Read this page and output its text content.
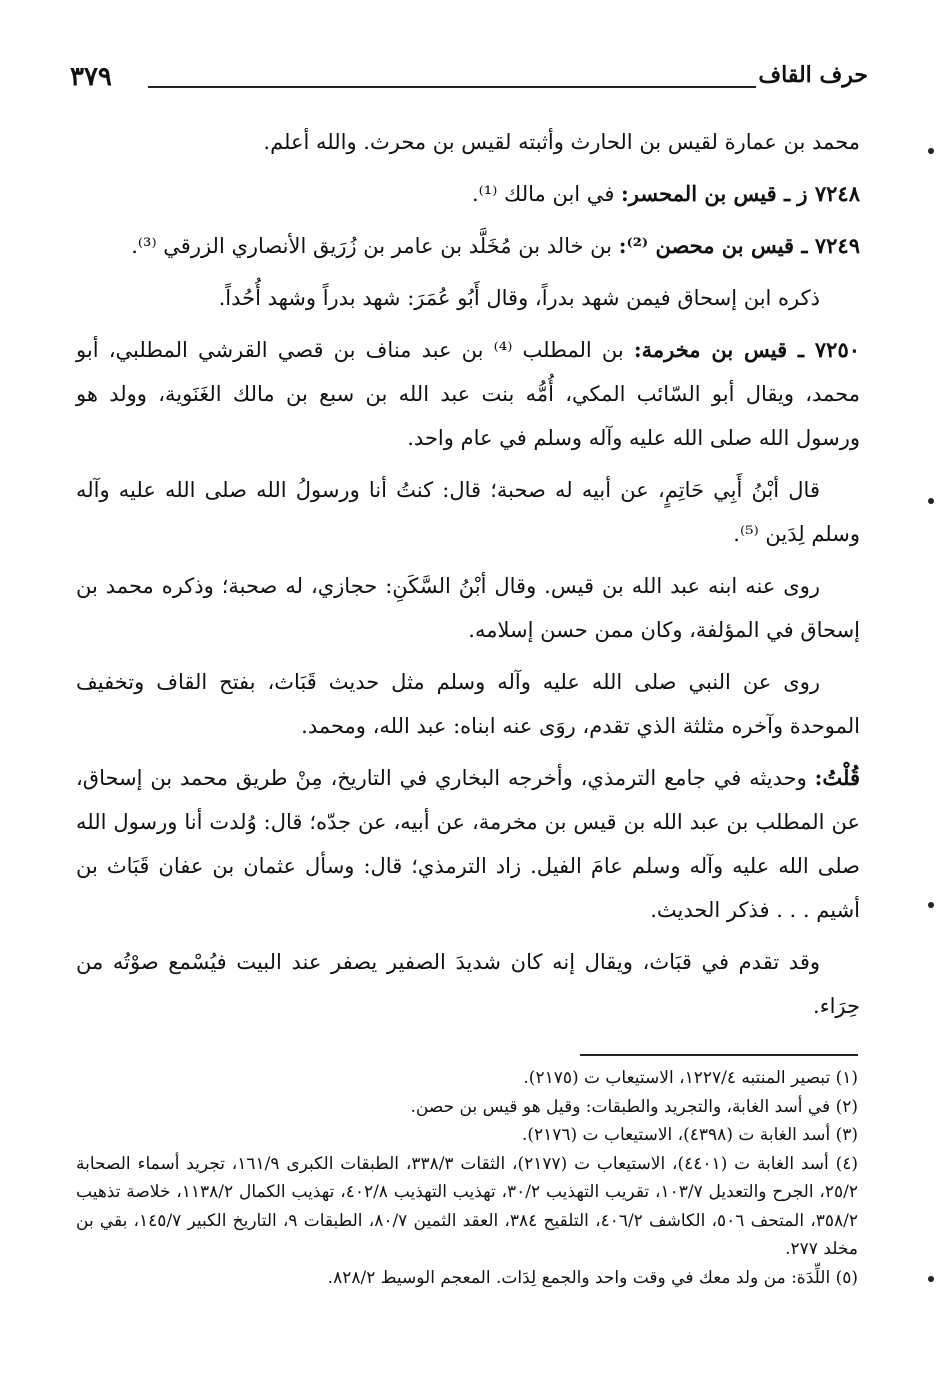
٣٧٩	حرف القاف

محمد بن عمارة لقيس بن الحارث وأثبته لقيس بن محرث. والله أعلم.

٧٢٤٨ ز ـ قيس بن المحسر: في ابن مالك ⁽¹⁾.

٧٢٤٩ ـ قيس بن محصن ⁽²⁾: بن خالد بن مُخَلَّد بن عامر بن زُرَيق الأنصاري الزرقي ⁽³⁾.

ذكره ابن إسحاق فيمن شهد بدراً، وقال أَبُو عُمَرَ: شهد بدراً وشهد أُحُداً.

٧٢٥٠ ـ قيس بن مخرمة: بن المطلب ⁽⁴⁾ بن عبد مناف بن قصي القرشي المطلبي، أبو محمد، ويقال أبو السّائب المكي، أُمُّه بنت عبد الله بن سبع بن مالك الغَنَوية، وولد هو ورسول الله صلى الله عليه وآله وسلم في عام واحد.

قال أبْنُ أَبِي حَاتِمٍ، عن أبيه له صحبة؛ قال: كنتُ أنا ورسولُ الله صلى الله عليه وآله وسلم لِدَين ⁽⁵⁾.

روى عنه ابنه عبد الله بن قيس. وقال أبْنُ السَّكَنِ: حجازي، له صحبة؛ وذكره محمد بن إسحاق في المؤلفة، وكان ممن حسن إسلامه.

روى عن النبي صلى الله عليه وآله وسلم مثل حديث قَبَاث، بفتح القاف وتخفيف الموحدة وآخره مثلثة الذي تقدم، روَى عنه ابناه: عبد الله، ومحمد.

قُلْتُ: وحديثه في جامع الترمذي، وأخرجه البخاري في التاريخ، مِنْ طريق محمد بن إسحاق، عن المطلب بن عبد الله بن قيس بن مخرمة، عن أبيه، عن جدّه؛ قال: وُلدت أنا ورسول الله صلى الله عليه وآله وسلم عامَ الفيل. زاد الترمذي؛ قال: وسأل عثمان بن عفان قَبَاث بن أشيم . . . فذكر الحديث.

وقد تقدم في قبَاث، ويقال إنه كان شديدَ الصفير يصفر عند البيت فيُسْمع صوْتُه من حِرَاء.

(١) تبصير المنتبه ١٢٢٧/٤، الاستيعاب ت (٢١٧٥).
(٢) في أسد الغابة، والتجريد والطبقات: وقيل هو قيس بن حصن.
(٣) أسد الغابة ت (٤٣٩٨)، الاستيعاب ت (٢١٧٦).
(٤) أسد الغابة ت (٤٤٠١)، الاستيعاب ت (٢١٧٧)، الثقات ٣٣٨/٣، الطبقات الكبرى ١٦١/٩، تجريد أسماء الصحابة ٢٥/٢، الجرح والتعديل ١٠٣/٧، تقريب التهذيب ٣٠/٢، تهذيب التهذيب ٤٠٢/٨، تهذيب الكمال ١١٣٨/٢، خلاصة تذهيب ٣٥٨/٢، المتحف ٥٠٦، الكاشف ٤٠٦/٢، التلقيح ٣٨٤، العقد الثمين ٨٠/٧، الطبقات ٩، التاريخ الكبير ١٤٥/٧، بقي بن مخلد ٢٧٧.
(٥) اللِّدَة: من ولد معك في وقت واحد والجمع لِدَات. المعجم الوسيط ٨٢٨/٢.
